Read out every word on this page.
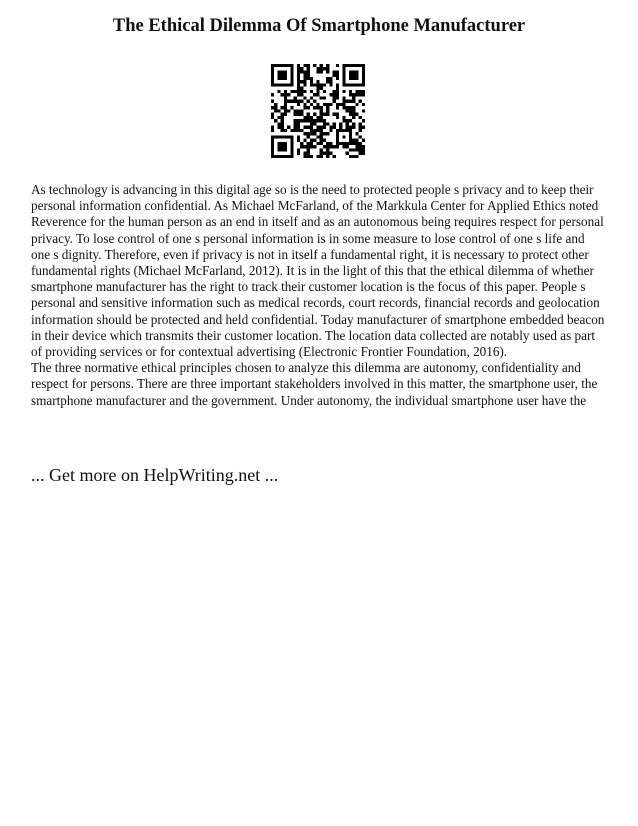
The Ethical Dilemma Of Smartphone Manufacturer
As technology is advancing in this digital age so is the need to protected people s privacy and to keep their personal information confidential. As Michael McFarland, of the Markkula Center for Applied Ethics noted Reverence for the human person as an end in itself and as an autonomous being requires respect for personal privacy. To lose control of one s personal information is in some measure to lose control of one s life and one s dignity. Therefore, even if privacy is not in itself a fundamental right, it is necessary to protect other fundamental rights (Michael McFarland, 2012). It is in the light of this that the ethical dilemma of whether smartphone manufacturer has the right to track their customer location is the focus of this paper. People s personal and sensitive information such as medical records, court records, financial records and geolocation information should be protected and held confidential. Today manufacturer of smartphone embedded beacon in their device which transmits their customer location. The location data collected are notably used as part of providing services or for contextual advertising (Electronic Frontier Foundation, 2016).
The three normative ethical principles chosen to analyze this dilemma are autonomy, confidentiality and respect for persons. There are three important stakeholders involved in this matter, the smartphone user, the smartphone manufacturer and the government. Under autonomy, the individual smartphone user have the
... Get more on HelpWriting.net ...
